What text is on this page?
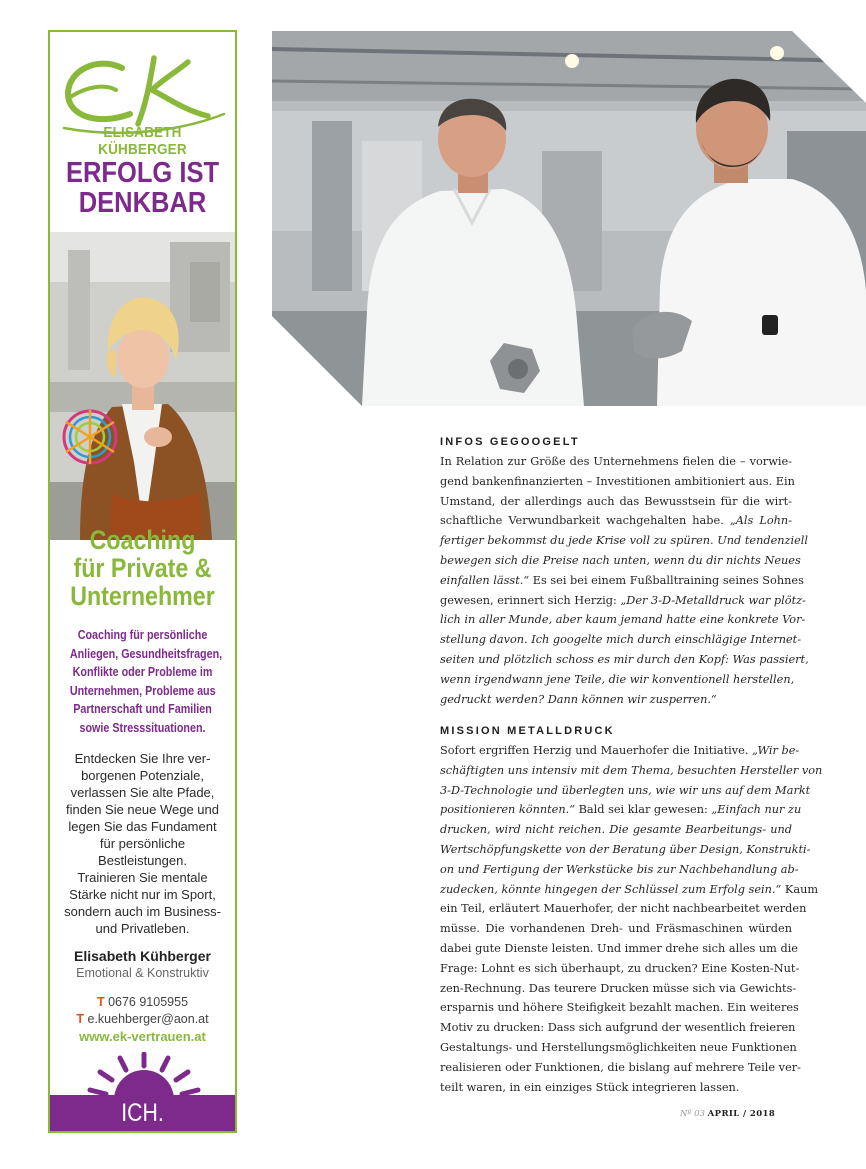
ELISABETH KÜHBERGER
ERFOLG IST
DENKBAR
Coaching
für Private &
Unternehmer
Coaching für persönliche
Anliegen, Gesundheitsfragen,
Konflikte oder Probleme im
Unternehmen, Probleme aus
Partnerschaft und Familien
sowie Stresssituationen.
Entdecken Sie Ihre ver-
borgenen Potenziale,
verlassen Sie alte Pfade,
finden Sie neue Wege und
legen Sie das Fundament
für persönliche
Bestleistungen.
Trainieren Sie mentale
Stärke nicht nur im Sport,
sondern auch im Business-
und Privatleben.
Elisabeth Kühberger
Emotional & Konstruktiv
T 0676 9105955
T e.kuehberger@aon.at
www.ek-vertrauen.at
ICH.
INFOS GEGOOGELT
In Relation zur Größe des Unternehmens fielen die – vorwie-
gend bankenfinanzierten – Investitionen ambitioniert aus. Ein
Umstand, der allerdings auch das Bewusstsein für die wirt-
schaftliche Verwundbarkeit wachgehalten habe. „Als Lohn-
fertiger bekommst du jede Krise voll zu spüren. Und tendenziell
bewegen sich die Preise nach unten, wenn du dir nichts Neues
einfallen lässt.“ Es sei bei einem Fußballtraining seines Sohnes
gewesen, erinnert sich Herzig: „Der 3-D-Metalldruck war plötz-
lich in aller Munde, aber kaum jemand hatte eine konkrete Vor-
stellung davon. Ich googelte mich durch einschlägige Internet-
seiten und plötzlich schoss es mir durch den Kopf: Was passiert,
wenn irgendwann jene Teile, die wir konventionell herstellen,
gedruckt werden? Dann können wir zusperren.“
MISSION METALLDRUCK
Sofort ergriffen Herzig und Mauerhofer die Initiative. „Wir be-
schäftigten uns intensiv mit dem Thema, besuchten Hersteller von
3-D-Technologie und überlegten uns, wie wir uns auf dem Markt
positionieren könnten.“ Bald sei klar gewesen: „Einfach nur zu
drucken, wird nicht reichen. Die gesamte Bearbeitungs- und
Wertschöpfungskette von der Beratung über Design, Konstrukti-
on und Fertigung der Werkstücke bis zur Nachbehandlung ab-
zudecken, könnte hingegen der Schlüssel zum Erfolg sein.“ Kaum
ein Teil, erläutert Mauerhofer, der nicht nachbearbeitet werden
müsse. Die vorhandenen Dreh- und Fräsmaschinen würden
dabei gute Dienste leisten. Und immer drehe sich alles um die
Frage: Lohnt es sich überhaupt, zu drucken? Eine Kosten-Nut-
zen-Rechnung. Das teurere Drucken müsse sich via Gewichts-
ersparnis und höhere Steifigkeit bezahlt machen. Ein weiteres
Motiv zu drucken: Dass sich aufgrund der wesentlich freieren
Gestaltungs- und Herstellungsmöglichkeiten neue Funktionen
realisieren oder Funktionen, die bislang auf mehrere Teile ver-
teilt waren, in ein einziges Stück integrieren lassen.
Nº 03 APRIL / 2018
